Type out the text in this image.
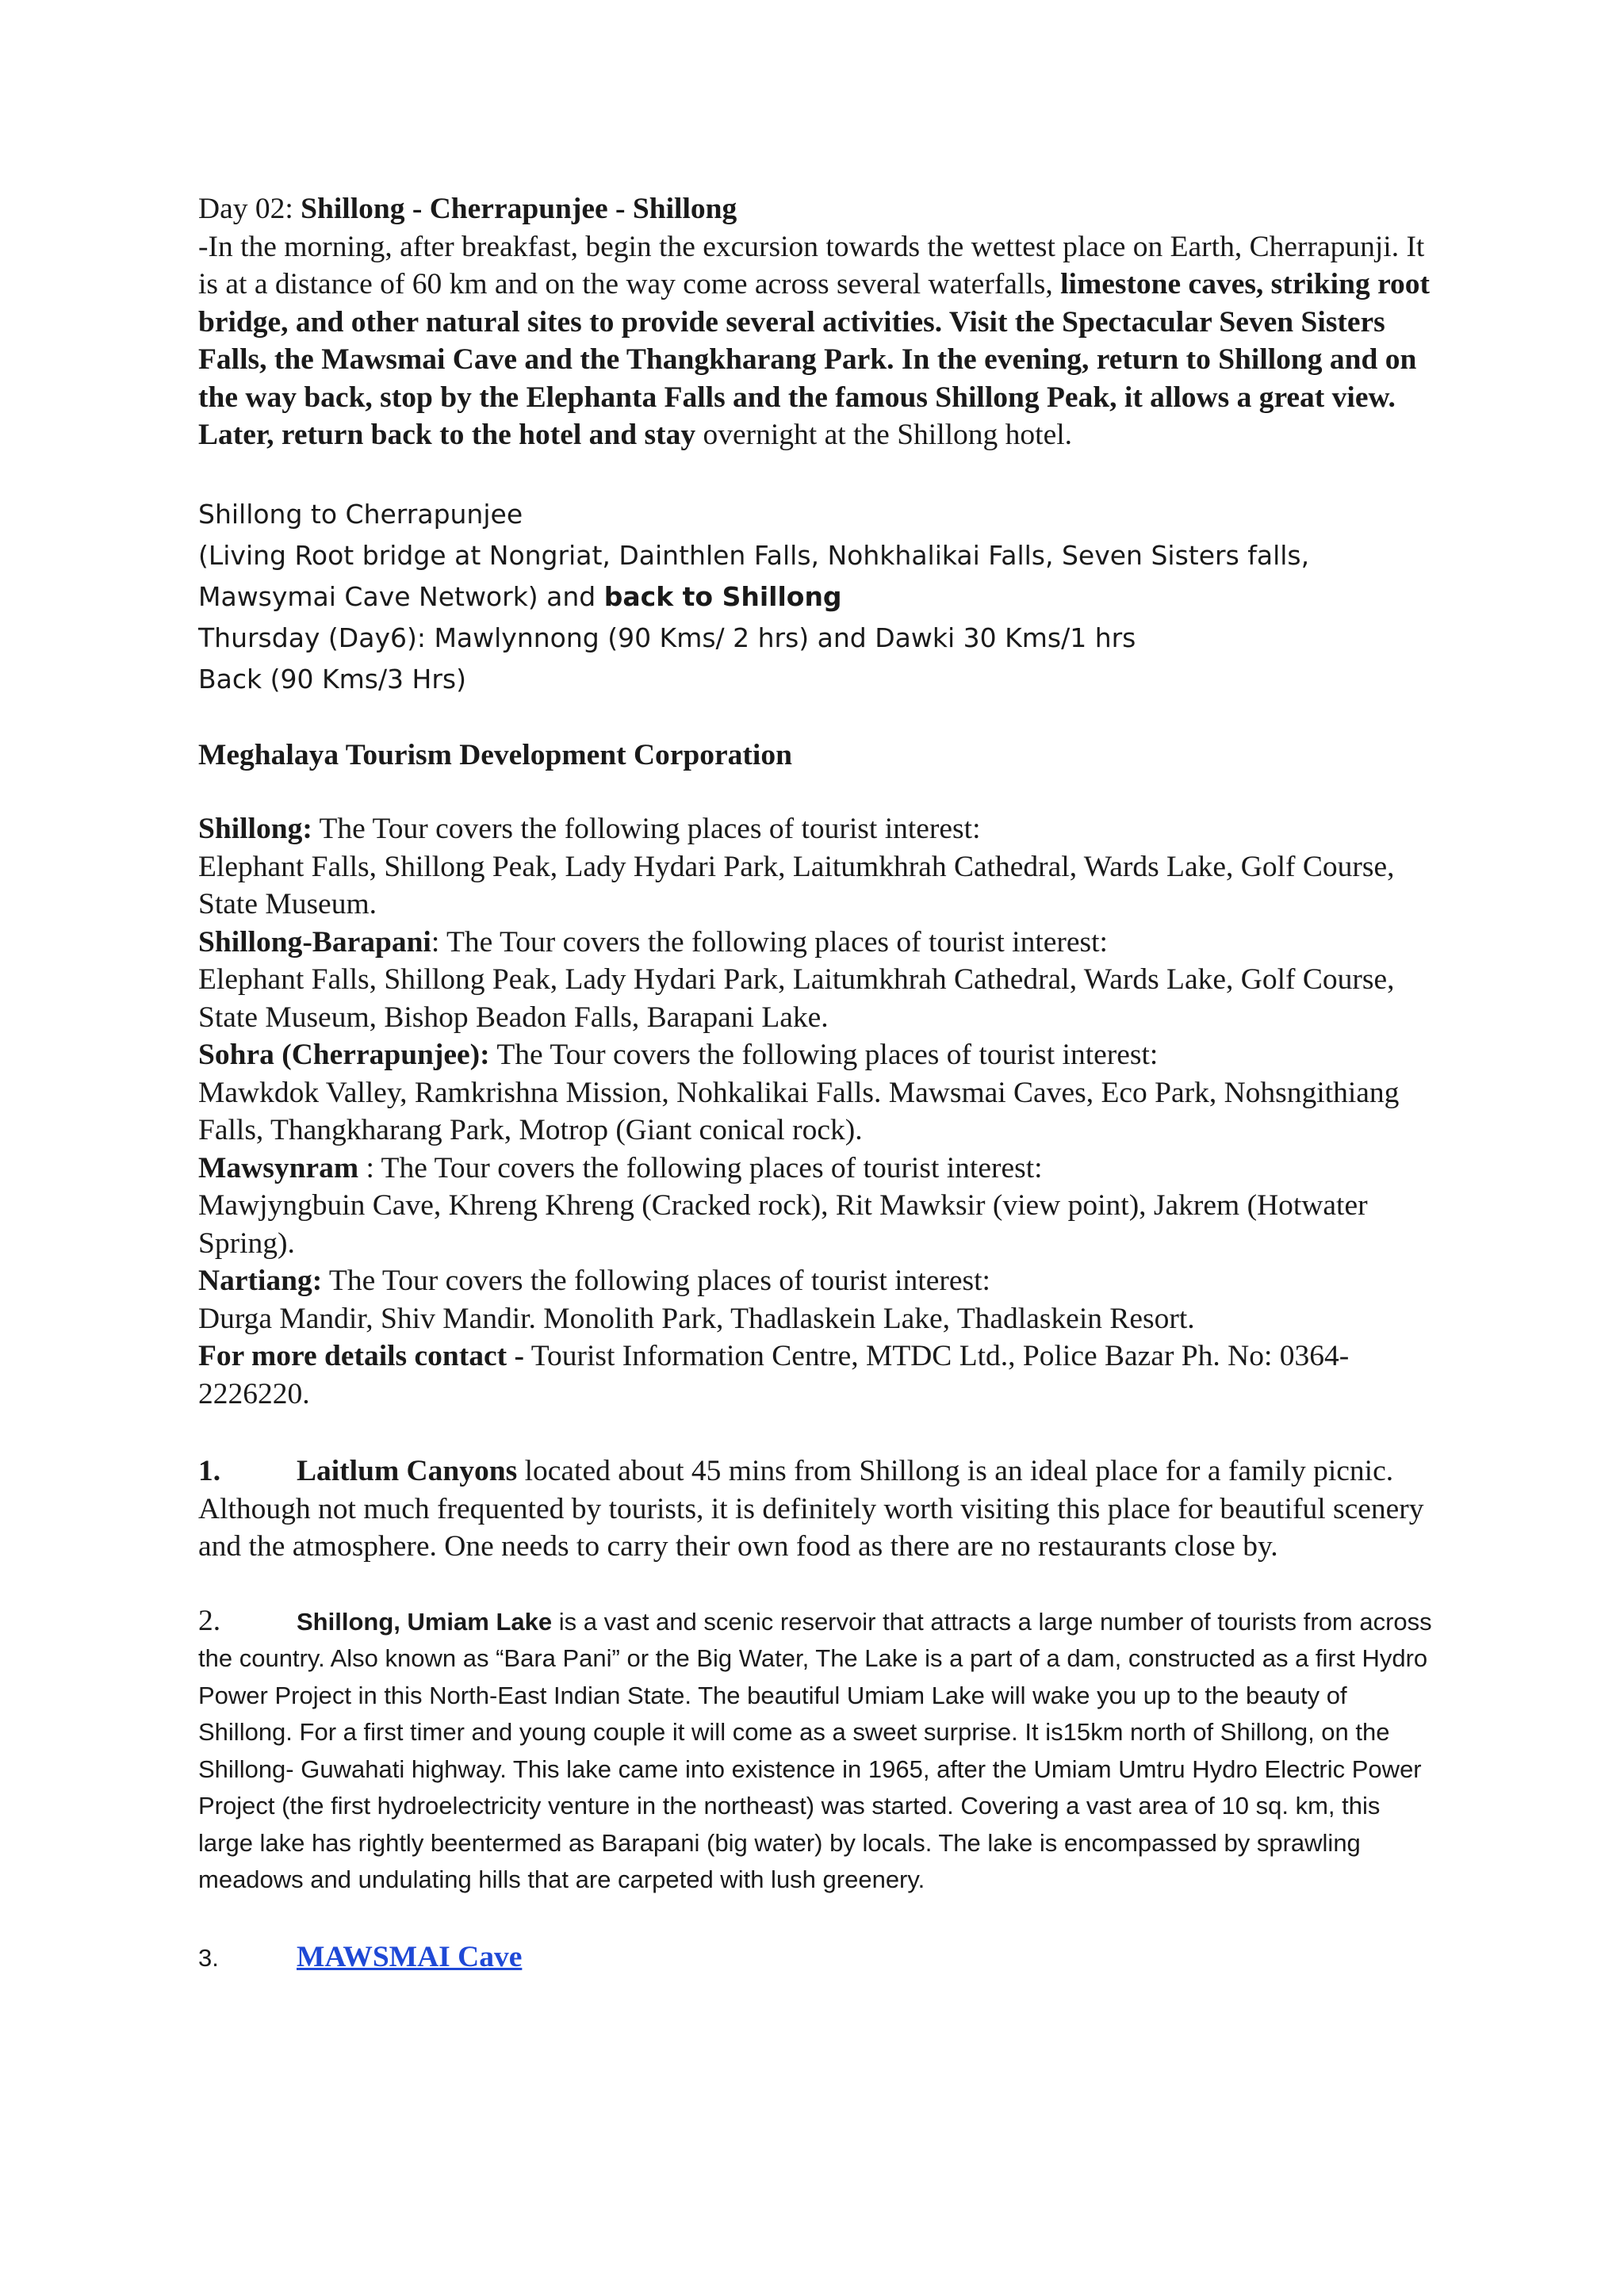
Day 02: Shillong - Cherrapunjee - Shillong
-In the morning, after breakfast, begin the excursion towards the wettest place on Earth, Cherrapunji. It is at a distance of 60 km and on the way come across several waterfalls, limestone caves, striking root bridge, and other natural sites to provide several activities. Visit the Spectacular Seven Sisters Falls, the Mawsmai Cave and the Thangkharang Park. In the evening, return to Shillong and on the way back, stop by the Elephanta Falls and the famous Shillong Peak, it allows a great view. Later, return back to the hotel and stay overnight at the Shillong hotel.

Shillong to Cherrapunjee

(Living Root bridge at Nongriat, Dainthlen Falls, Nohkhalikai Falls, Seven Sisters falls, Mawsymai Cave Network) and back to Shillong

Thursday (Day6): Mawlynnong (90 Kms/ 2 hrs) and Dawki 30 Kms/1 hrs

Back (90 Kms/3 Hrs)

Meghalaya Tourism Development Corporation

Shillong: The Tour covers the following places of tourist interest:
Elephant Falls, Shillong Peak, Lady Hydari Park, Laitumkhrah Cathedral, Wards Lake, Golf Course, State Museum.

Shillong-Barapani: The Tour covers the following places of tourist interest:
Elephant Falls, Shillong Peak, Lady Hydari Park, Laitumkhrah Cathedral, Wards Lake, Golf Course, State Museum, Bishop Beadon Falls, Barapani Lake.

Sohra (Cherrapunjee): The Tour covers the following places of tourist interest:
Mawkdok Valley, Ramkrishna Mission, Nohkalikai Falls. Mawsmai Caves, Eco Park, Nohsngithiang Falls, Thangkharang Park, Motrop (Giant conical rock).

Mawsynram : The Tour covers the following places of tourist interest:
Mawjyngbuin Cave, Khreng Khreng (Cracked rock), Rit Mawksir (view point), Jakrem (Hotwater Spring).

Nartiang: The Tour covers the following places of tourist interest:
Durga Mandir, Shiv Mandir. Monolith Park, Thadlaskein Lake, Thadlaskein Resort.

For more details contact - Tourist Information Centre, MTDC Ltd., Police Bazar Ph. No: 0364-2226220.

1.	Laitlum Canyons located about 45 mins from Shillong is an ideal place for a family picnic. Although not much frequented by tourists, it is definitely worth visiting this place for beautiful scenery and the atmosphere. One needs to carry their own food as there are no restaurants close by.

2.	Shillong, Umiam Lake is a vast and scenic reservoir that attracts a large number of tourists from across the country. Also known as “Bara Pani” or the Big Water, The Lake is a part of a dam, constructed as a first Hydro Power Project in this North-East Indian State. The beautiful Umiam Lake will wake you up to the beauty of Shillong. For a first timer and young couple it will come as a sweet surprise. It is15km north of Shillong, on the Shillong- Guwahati highway. This lake came into existence in 1965, after the Umiam Umtru Hydro Electric Power Project (the first hydroelectricity venture in the northeast) was started. Covering a vast area of 10 sq. km, this large lake has rightly beentermed as Barapani (big water) by locals. The lake is encompassed by sprawling meadows and undulating hills that are carpeted with lush greenery.

3.	MAWSMAI Cave
